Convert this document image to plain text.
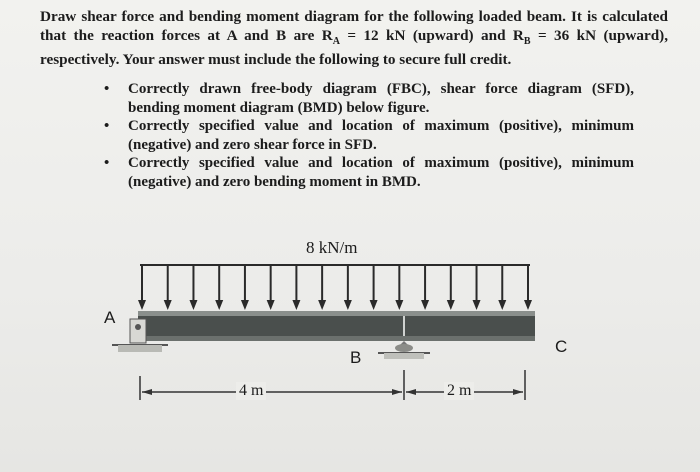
Draw shear force and bending moment diagram for the following loaded beam. It is calculated that the reaction forces at A and B are $R_A = 12$ kN (upward) and $R_B = 36$ kN (upward), respectively. Your answer must include the following to secure full credit.

• Correctly drawn free-body diagram (FBC), shear force diagram (SFD), bending moment diagram (BMD) below figure.
• Correctly specified value and location of maximum (positive), minimum (negative) and zero shear force in SFD.
• Correctly specified value and location of maximum (positive), minimum (negative) and zero bending moment in BMD.
8 kN/m
A
B
C
4 m	2 m
